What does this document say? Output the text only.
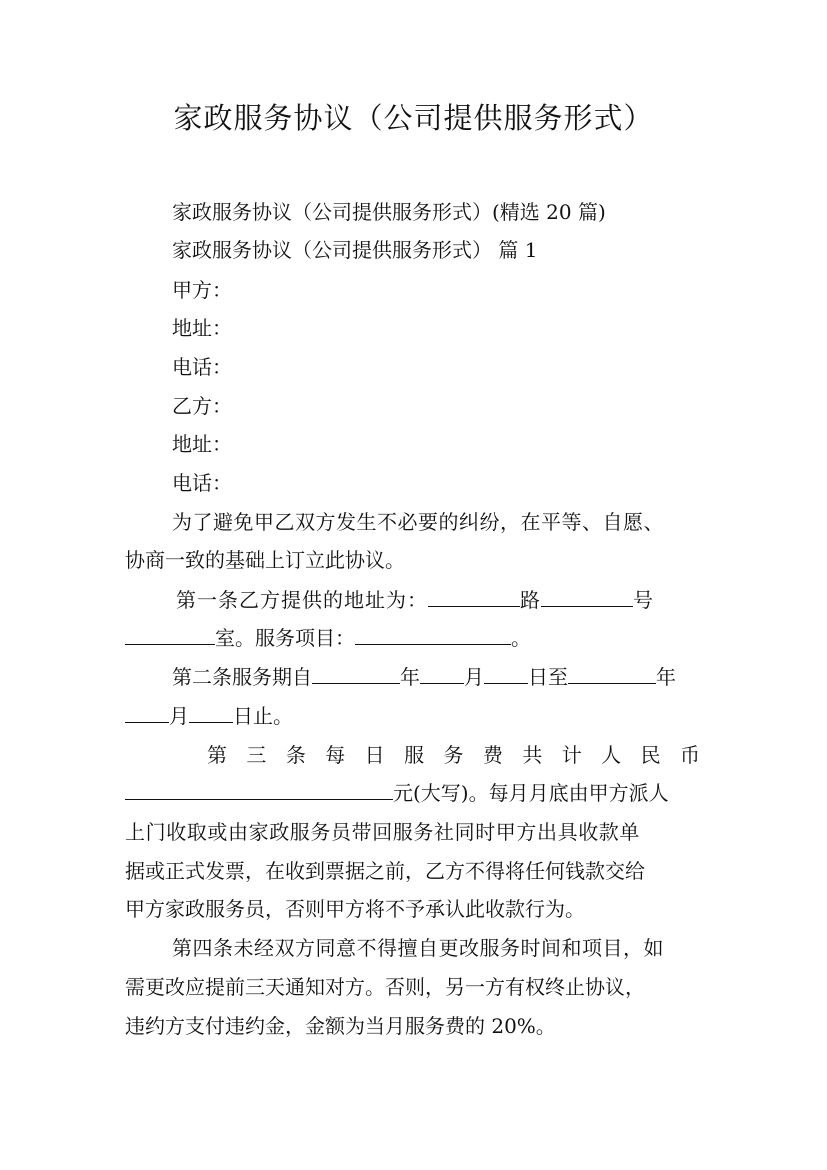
家政服务协议（公司提供服务形式）

家政服务协议（公司提供服务形式）(精选 20 篇)

家政服务协议（公司提供服务形式） 篇 1

甲方：

地址：

电话：

乙方：

地址：

电话：

为了避免甲乙双方发生不必要的纠纷，在平等、自愿、

协商一致的基础上订立此协议。

第一条乙方提供的地址为：	路	号

室。服务项目：	。

第二条服务期自	年 月 日至	年

月 日止。

第三条每日服务费共计人民币

元(大写)。每月月底由甲方派人

上门收取或由家政服务员带回服务社同时甲方出具收款单

据或正式发票，在收到票据之前，乙方不得将任何钱款交给

甲方家政服务员，否则甲方将不予承认此收款行为。

第四条未经双方同意不得擅自更改服务时间和项目，如

需更改应提前三天通知对方。否则，另一方有权终止协议，

违约方支付违约金，金额为当月服务费的 20%。
